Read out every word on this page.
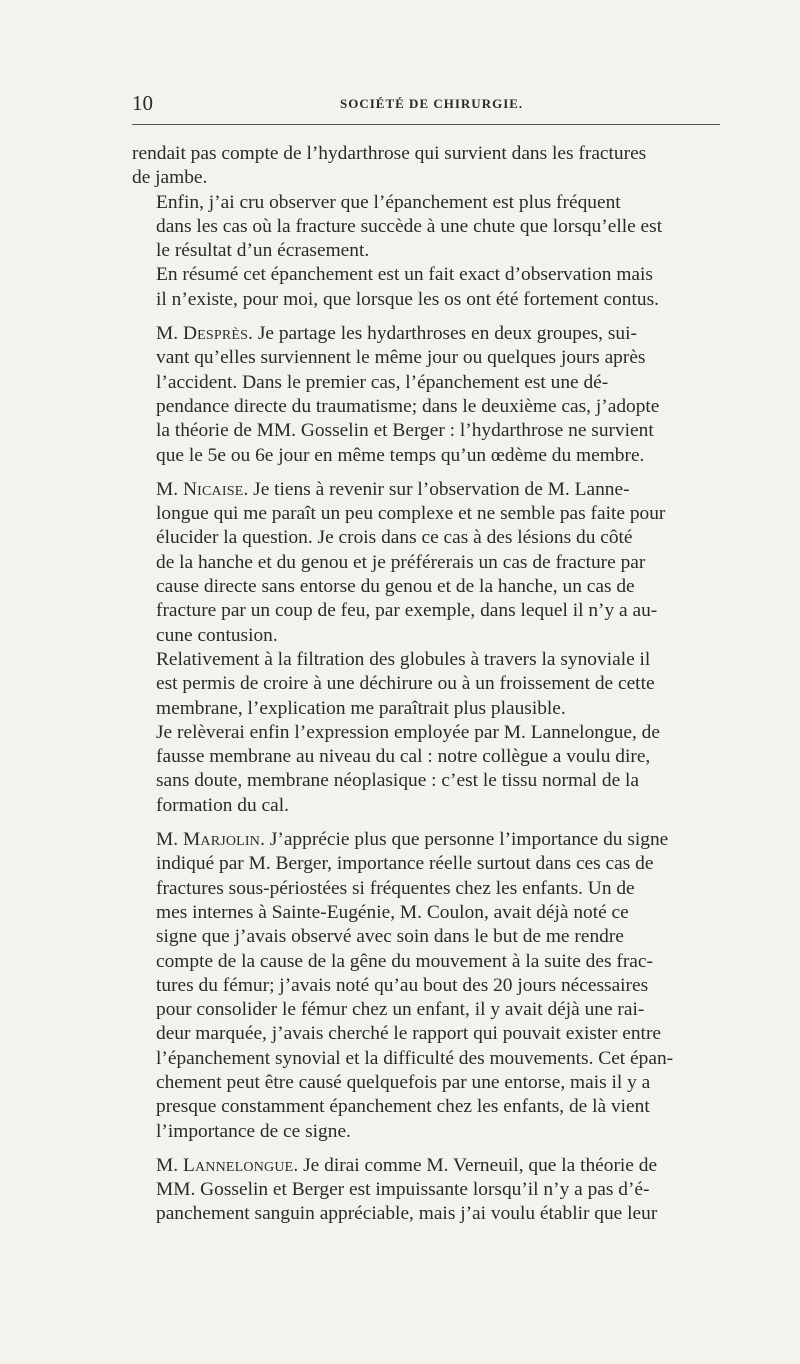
10	SOCIÉTÉ DE CHIRURGIE.

rendait pas compte de l’hydarthrose qui survient dans les fractures
de jambe.

Enfin, j’ai cru observer que l’épanchement est plus fréquent
dans les cas où la fracture succède à une chute que lorsqu’elle est
le résultat d’un écrasement.

En résumé cet épanchement est un fait exact d’observation mais
il n’existe, pour moi, que lorsque les os ont été fortement contus.

M. Desprès. Je partage les hydarthroses en deux groupes, sui-
vant qu’elles surviennent le même jour ou quelques jours après
l’accident. Dans le premier cas, l’épanchement est une dé-
pendance directe du traumatisme; dans le deuxième cas, j’adopte
la théorie de MM. Gosselin et Berger : l’hydarthrose ne survient
que le 5e ou 6e jour en même temps qu’un œdème du membre.

M. Nicaise. Je tiens à revenir sur l’observation de M. Lanne-
longue qui me paraît un peu complexe et ne semble pas faite pour
élucider la question. Je crois dans ce cas à des lésions du côté
de la hanche et du genou et je préférerais un cas de fracture par
cause directe sans entorse du genou et de la hanche, un cas de
fracture par un coup de feu, par exemple, dans lequel il n’y a au-
cune contusion.

Relativement à la filtration des globules à travers la synoviale il
est permis de croire à une déchirure ou à un froissement de cette
membrane, l’explication me paraîtrait plus plausible.

Je relèverai enfin l’expression employée par M. Lannelongue, de
fausse membrane au niveau du cal : notre collègue a voulu dire,
sans doute, membrane néoplasique : c’est le tissu normal de la
formation du cal.

M. Marjolin. J’apprécie plus que personne l’importance du signe
indiqué par M. Berger, importance réelle surtout dans ces cas de
fractures sous-périostées si fréquentes chez les enfants. Un de
mes internes à Sainte-Eugénie, M. Coulon, avait déjà noté ce
signe que j’avais observé avec soin dans le but de me rendre
compte de la cause de la gêne du mouvement à la suite des frac-
tures du fémur; j’avais noté qu’au bout des 20 jours nécessaires
pour consolider le fémur chez un enfant, il y avait déjà une rai-
deur marquée, j’avais cherché le rapport qui pouvait exister entre
l’épanchement synovial et la difficulté des mouvements. Cet épan-
chement peut être causé quelquefois par une entorse, mais il y a
presque constamment épanchement chez les enfants, de là vient
l’importance de ce signe.

M. Lannelongue. Je dirai comme M. Verneuil, que la théorie de
MM. Gosselin et Berger est impuissante lorsqu’il n’y a pas d’é-
panchement sanguin appréciable, mais j’ai voulu établir que leur
